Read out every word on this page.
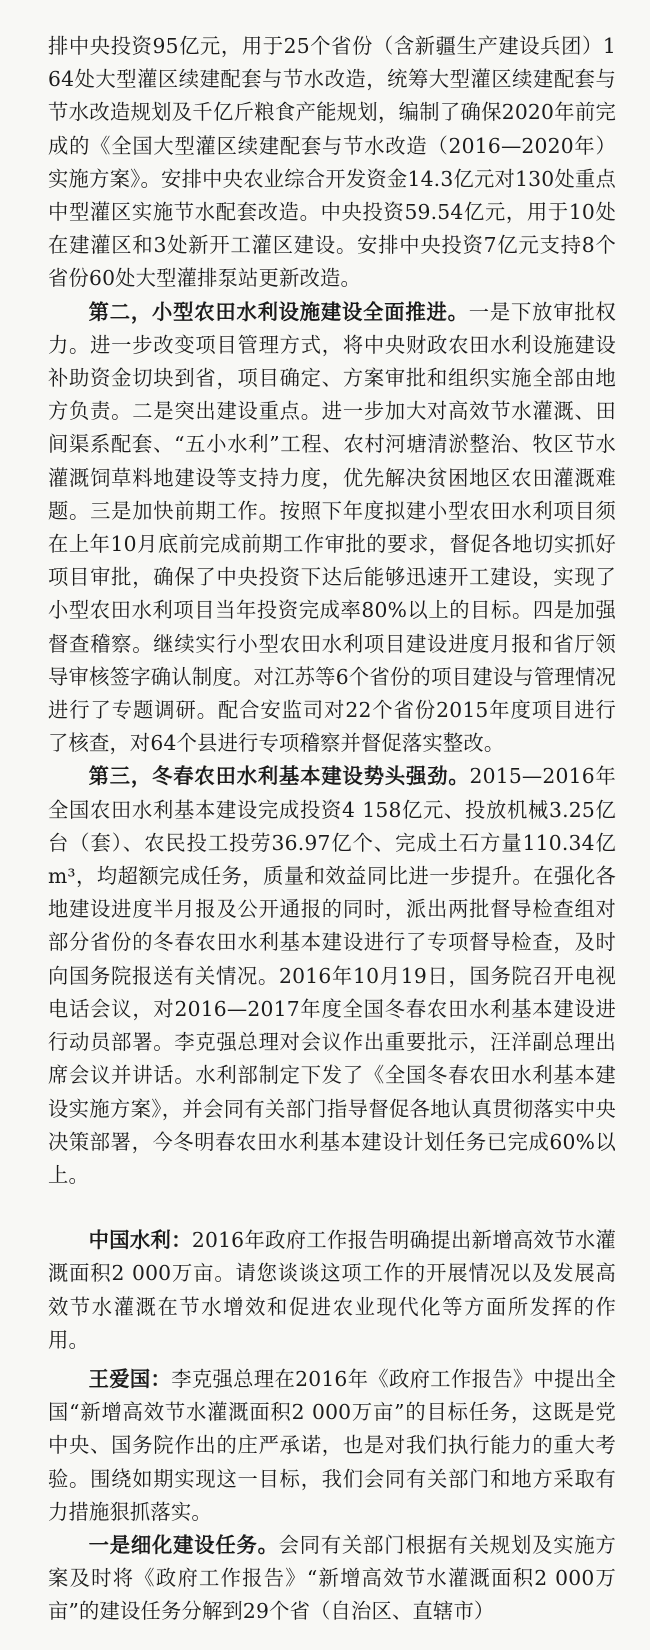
排中央投资95亿元，用于25个省份（含新疆生产建设兵团）164处大型灌区续建配套与节水改造，统筹大型灌区续建配套与节水改造规划及千亿斤粮食产能规划，编制了确保2020年前完成的《全国大型灌区续建配套与节水改造（2016—2020年）实施方案》。安排中央农业综合开发资金14.3亿元对130处重点中型灌区实施节水配套改造。中央投资59.54亿元，用于10处在建灌区和3处新开工灌区建设。安排中央投资7亿元支持8个省份60处大型灌排泵站更新改造。

第二，小型农田水利设施建设全面推进。一是下放审批权力。进一步改变项目管理方式，将中央财政农田水利设施建设补助资金切块到省，项目确定、方案审批和组织实施全部由地方负责。二是突出建设重点。进一步加大对高效节水灌溉、田间渠系配套、“五小水利”工程、农村河塘清淤整治、牧区节水灌溉饲草料地建设等支持力度，优先解决贫困地区农田灌溉难题。三是加快前期工作。按照下年度拟建小型农田水利项目须在上年10月底前完成前期工作审批的要求，督促各地切实抓好项目审批，确保了中央投资下达后能够迅速开工建设，实现了小型农田水利项目当年投资完成率80%以上的目标。四是加强督查稽察。继续实行小型农田水利项目建设进度月报和省厅领导审核签字确认制度。对江苏等6个省份的项目建设与管理情况进行了专题调研。配合安监司对22个省份2015年度项目进行了核查，对64个县进行专项稽察并督促落实整改。

第三，冬春农田水利基本建设势头强劲。2015—2016年全国农田水利基本建设完成投资4 158亿元、投放机械3.25亿台（套）、农民投工投劳36.97亿个、完成土石方量110.34亿m³，均超额完成任务，质量和效益同比进一步提升。在强化各地建设进度半月报及公开通报的同时，派出两批督导检查组对部分省份的冬春农田水利基本建设进行了专项督导检查，及时向国务院报送有关情况。2016年10月19日，国务院召开电视电话会议，对2016—2017年度全国冬春农田水利基本建设进行动员部署。李克强总理对会议作出重要批示，汪洋副总理出席会议并讲话。水利部制定下发了《全国冬春农田水利基本建设实施方案》，并会同有关部门指导督促各地认真贯彻落实中央决策部署，今冬明春农田水利基本建设计划任务已完成60%以上。

中国水利：2016年政府工作报告明确提出新增高效节水灌溉面积2 000万亩。请您谈谈这项工作的开展情况以及发展高效节水灌溉在节水增效和促进农业现代化等方面所发挥的作用。

王爱国：李克强总理在2016年《政府工作报告》中提出全国“新增高效节水灌溉面积2 000万亩”的目标任务，这既是党中央、国务院作出的庄严承诺，也是对我们执行能力的重大考验。围绕如期实现这一目标，我们会同有关部门和地方采取有力措施狠抓落实。

一是细化建设任务。会同有关部门根据有关规划及实施方案及时将《政府工作报告》“新增高效节水灌溉面积2 000万亩”的建设任务分解到29个省（自治区、直辖市）
